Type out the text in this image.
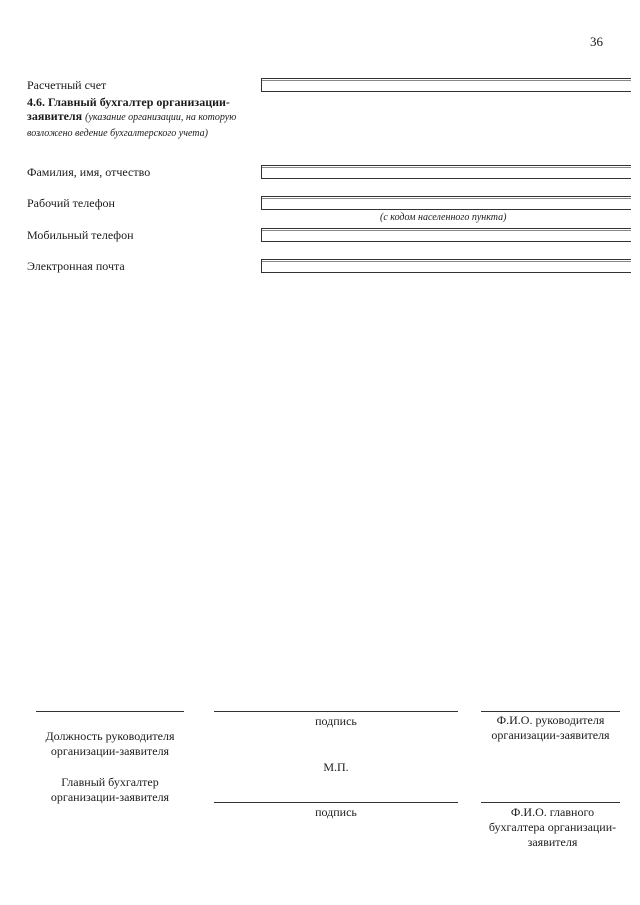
36
Расчетный счет
4.6. Главный бухгалтер организации-заявителя (указание организации, на которую возложено ведение бухгалтерского учета)
Фамилия, имя, отчество
Рабочий телефон
(с кодом населенного пункта)
Мобильный телефон
Электронная почта
подпись	Ф.И.О. руководителя организации-заявителя
Должность руководителя организации-заявителя
М.П.
Главный бухгалтер организации-заявителя
подпись	Ф.И.О. главного бухгалтера организации-заявителя
